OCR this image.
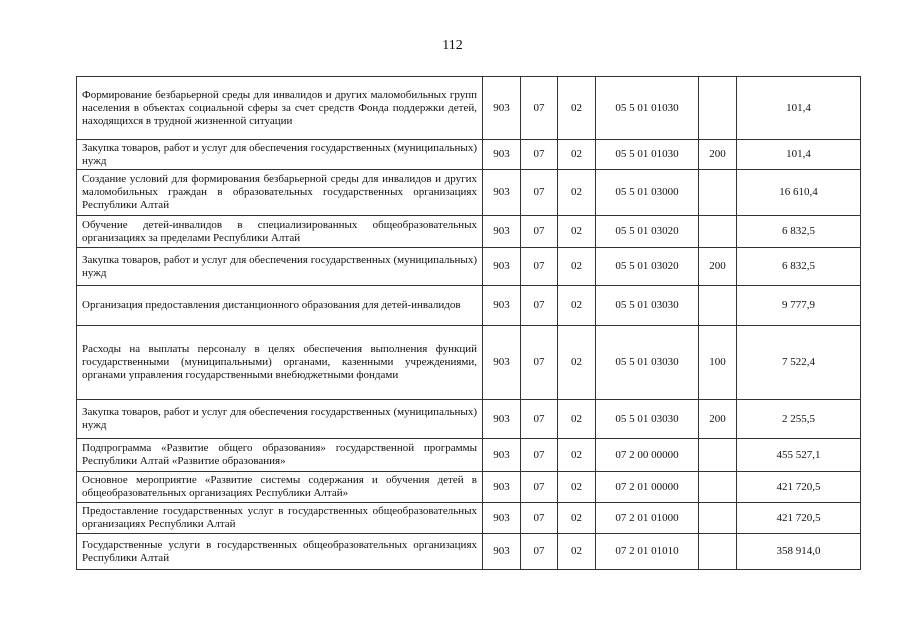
112
Формирование безбарьерной среды для инвалидов и других маломобильных групп населения в объектах социальной сферы за счет средств Фонда поддержки детей, находящихся в трудной жизненной ситуации	903	07	02	05 5 01 01030		101,4
Закупка товаров, работ и услуг для обеспечения государственных (муниципальных) нужд	903	07	02	05 5 01 01030	200	101,4
Создание условий для формирования безбарьерной среды для инвалидов и других маломобильных граждан в образовательных государственных организациях Республики Алтай	903	07	02	05 5 01 03000		16 610,4
Обучение детей-инвалидов в специализированных общеобразовательных организациях за пределами Республики Алтай	903	07	02	05 5 01 03020		6 832,5
Закупка товаров, работ и услуг для обеспечения государственных (муниципальных) нужд	903	07	02	05 5 01 03020	200	6 832,5
Организация предоставления дистанционного образования для детей-инвалидов	903	07	02	05 5 01 03030		9 777,9
Расходы на выплаты персоналу в целях обеспечения выполнения функций государственными (муниципальными) органами, казенными учреждениями, органами управления государственными внебюджетными фондами	903	07	02	05 5 01 03030	100	7 522,4
Закупка товаров, работ и услуг для обеспечения государственных (муниципальных) нужд	903	07	02	05 5 01 03030	200	2 255,5
Подпрограмма «Развитие общего образования» государственной программы Республики Алтай «Развитие образования»	903	07	02	07 2 00 00000		455 527,1
Основное мероприятие «Развитие системы содержания и обучения детей в общеобразовательных организациях Республики Алтай»	903	07	02	07 2 01 00000		421 720,5
Предоставление государственных услуг в государственных общеобразовательных организациях Республики Алтай	903	07	02	07 2 01 01000		421 720,5
Государственные услуги в государственных общеобразовательных организациях Республики Алтай	903	07	02	07 2 01 01010		358 914,0
